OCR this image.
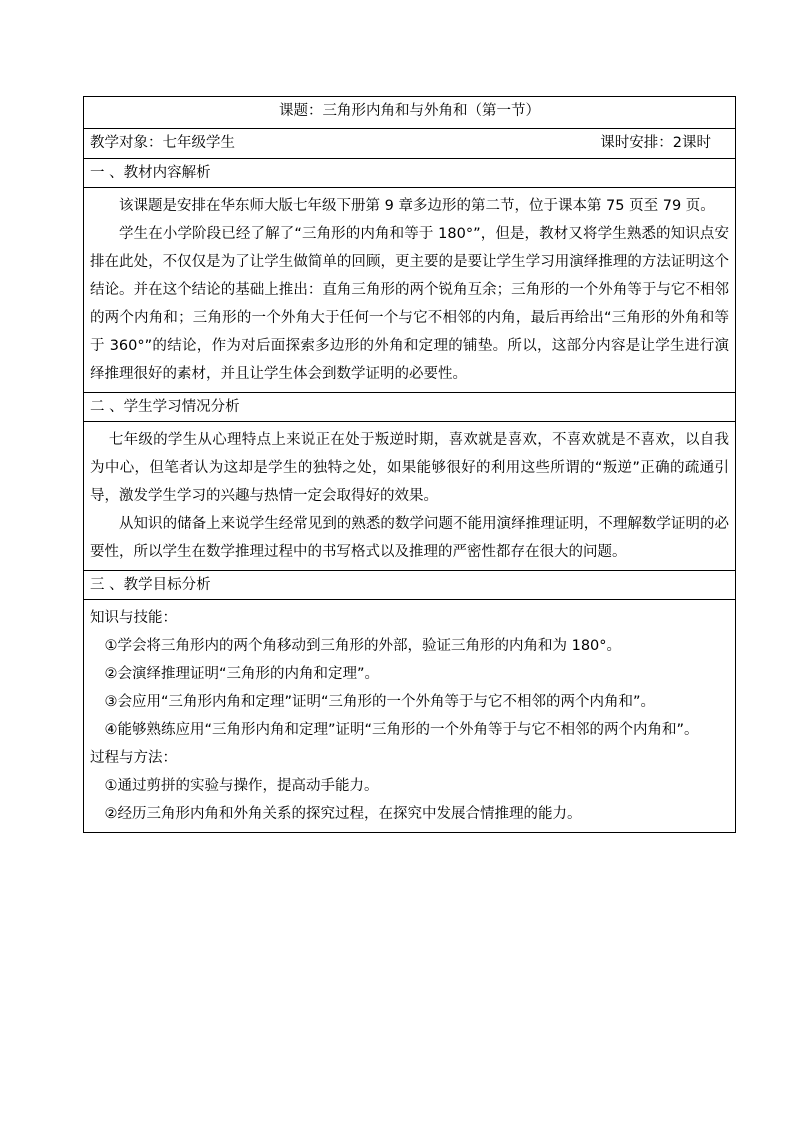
课题：三角形内角和与外角和（第一节）

教学对象：七年级学生	课时安排：2课时

一 、教材内容解析

该课题是安排在华东师大版七年级下册第 9 章多边形的第二节，位于课本第 75 页至 79 页。

学生在小学阶段已经了解了“三角形的内角和等于 180°”，但是，教材又将学生熟悉的知识点安排在此处，不仅仅是为了让学生做简单的回顾，更主要的是要让学生学习用演绎推理的方法证明这个结论。并在这个结论的基础上推出：直角三角形的两个锐角互余；三角形的一个外角等于与它不相邻的两个内角和；三角形的一个外角大于任何一个与它不相邻的内角，最后再给出“三角形的外角和等于 360°”的结论，作为对后面探索多边形的外角和定理的铺垫。所以，这部分内容是让学生进行演绎推理很好的素材，并且让学生体会到数学证明的必要性。

二 、学生学习情况分析

七年级的学生从心理特点上来说正在处于叛逆时期，喜欢就是喜欢，不喜欢就是不喜欢，以自我为中心，但笔者认为这却是学生的独特之处，如果能够很好的利用这些所谓的“叛逆”正确的疏通引导，激发学生学习的兴趣与热情一定会取得好的效果。

从知识的储备上来说学生经常见到的熟悉的数学问题不能用演绎推理证明，不理解数学证明的必要性，所以学生在数学推理过程中的书写格式以及推理的严密性都存在很大的问题。

三 、教学目标分析

知识与技能：

①学会将三角形内的两个角移动到三角形的外部，验证三角形的内角和为 180°。

②会演绎推理证明“三角形的内角和定理”。

③会应用“三角形内角和定理”证明“三角形的一个外角等于与它不相邻的两个内角和”。

④能够熟练应用“三角形内角和定理”证明“三角形的一个外角等于与它不相邻的两个内角和”。

过程与方法：

①通过剪拼的实验与操作，提高动手能力。

②经历三角形内角和外角关系的探究过程，在探究中发展合情推理的能力。
